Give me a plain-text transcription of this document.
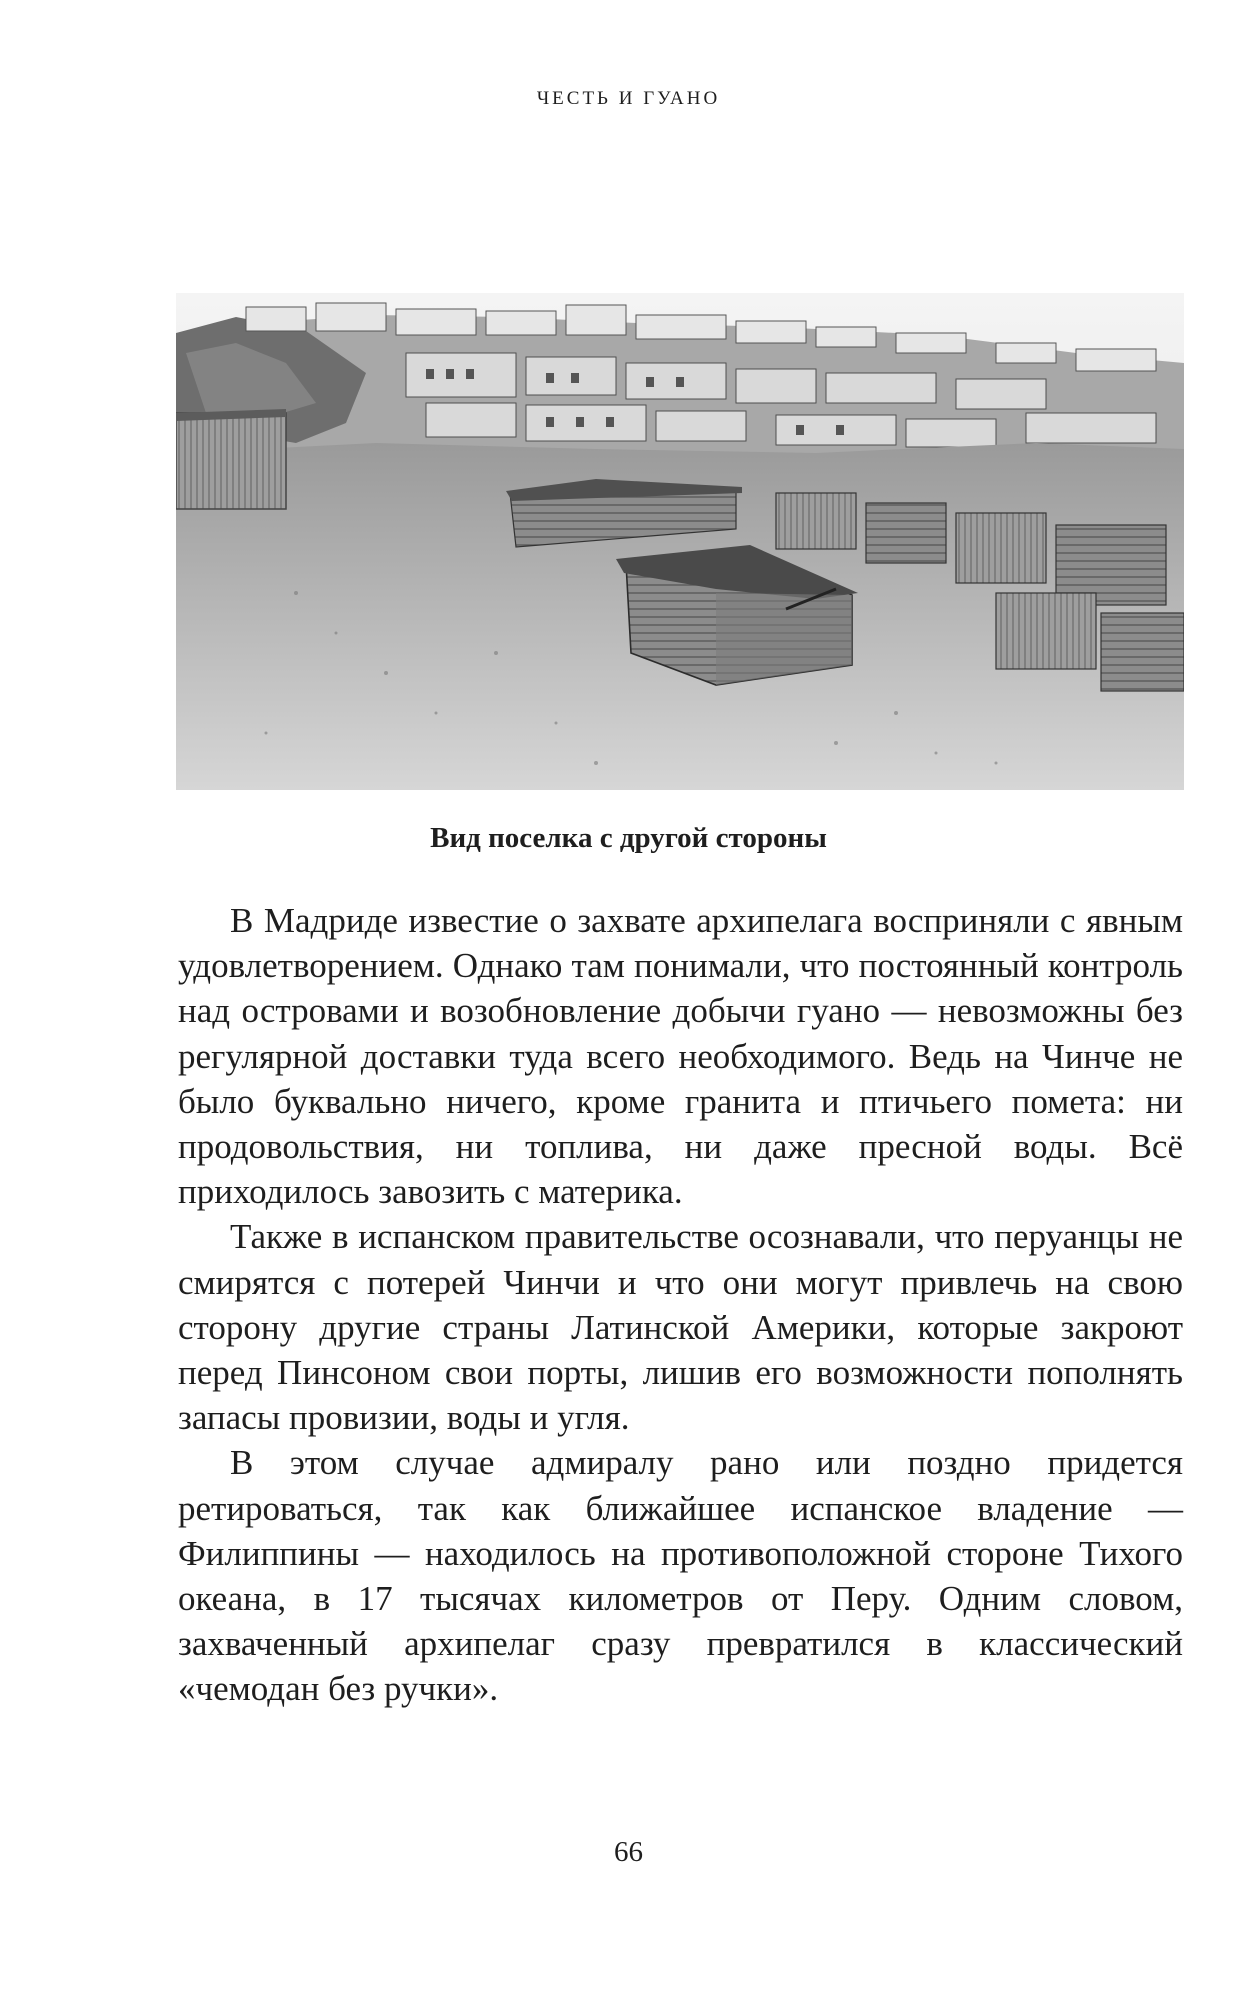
ЧЕСТЬ И ГУАНО
Вид поселка с другой стороны

В Мадриде известие о захвате архипелага восприняли с явным удовлетворением. Однако там понимали, что постоянный контроль над островами и возобновление добычи гуано — невозможны без регулярной доставки туда всего необходимого. Ведь на Чинче не было буквально ничего, кроме гранита и птичьего помета: ни продовольствия, ни топлива, ни даже пресной воды. Всё приходилось завозить с материка.

Также в испанском правительстве осознавали, что перуанцы не смирятся с потерей Чинчи и что они могут привлечь на свою сторону другие страны Латинской Америки, которые закроют перед Пинсоном свои порты, лишив его возможности пополнять запасы провизии, воды и угля.

В этом случае адмиралу рано или поздно придется ретироваться, так как ближайшее испанское владение — Филиппины — находилось на противоположной стороне Тихого океана, в 17 тысячах километров от Перу. Одним словом, захваченный архипелаг сразу превратился в классический «чемодан без ручки».

66
